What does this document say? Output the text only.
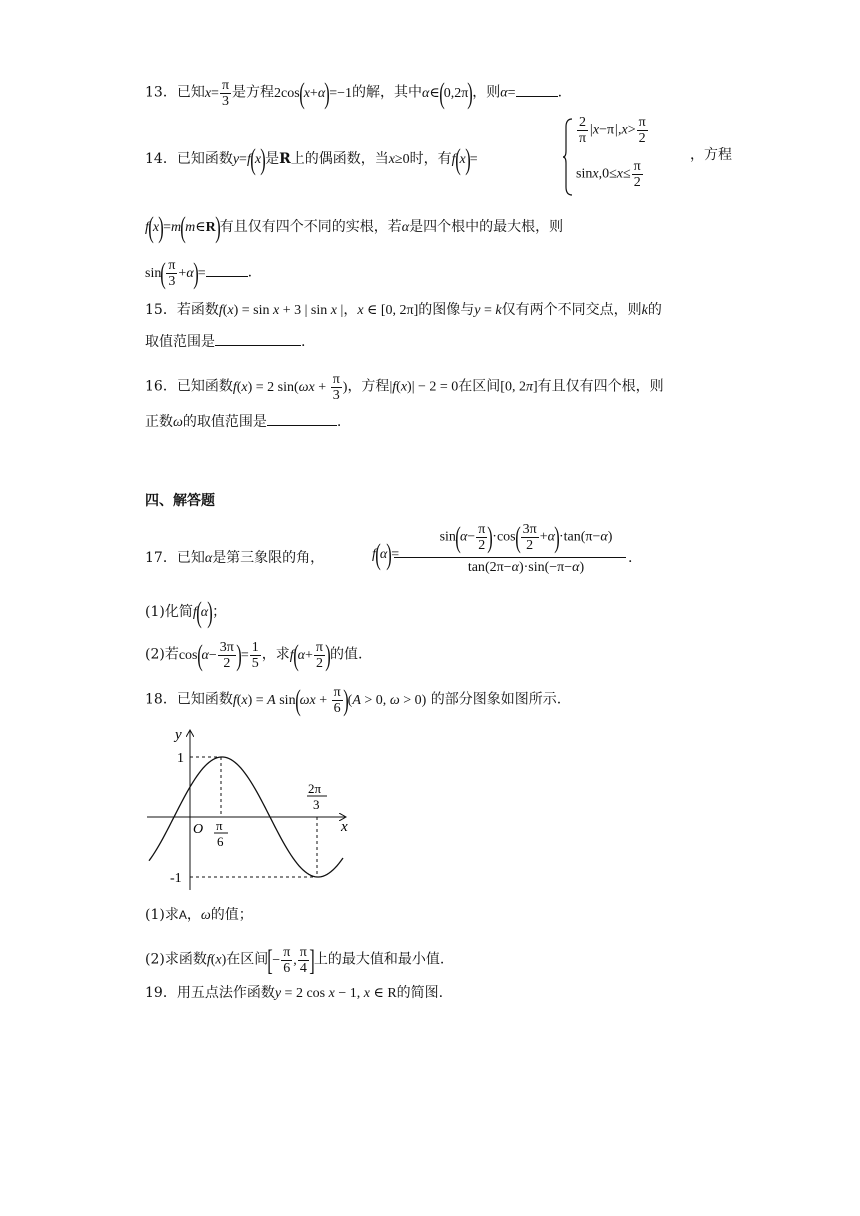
13．已知$x= \frac{\pi}{3}$ 是方程2cos(x+α)=−1的解，其中α∈(0,2π)，则α=	.
14．已知函数y=f(x)是R上的偶函数，当x≥0时，有f(x)=
$\frac{2}{\pi} |x-\pi|,x> \frac{\pi}{2}$
$\sin x,0\le x\le \frac{\pi}{2}$
，方程
f(x)=m(m∈R)有且仅有四个不同的实根，若α是四个根中的最大根，则
$\sin( \frac{\pi}{3} +\alpha)=$	.
15．若函数f(x) = sin x + 3 | sin x |，x ∈ [0, 2π]的图像与y = k仅有两个不同交点，则k的
取值范围是	.
16．已知函数f(x) = 2 $\sin(\omega x + \frac{\pi}{3}$ )，方程|f(x)| − 2 = 0在区间[0, 2π]有且仅有四个根，则
正数ω的取值范围是	.
四、解答题
17．已知α是第三象限的角，	f(α)=
$\sin(\alpha- \frac{\pi}{2} )\cdot\cos( \frac{3\pi}{2} +\alpha)\cdot\tan(\pi-\alpha)$
tan(2π−α)·sin(−π−α)
.
(1)化简f(α)；
(2)若$\cos(\alpha- \frac{3\pi}{2}$ )= $\frac{1}{5}$ ，求$f(\alpha+ \frac{\pi}{2}$ )的值.
18．已知函数f(x) = A $\sin(\omega x + \frac{\pi}{6} )(A > 0$, ω > 0) 的部分图象如图所示.
y
x
O
1
-1
π
6
2π
3
(1)求A，ω的值；
(2)求函数f(x)在区间[− $\frac{\pi}{6}$ , $\frac{\pi}{4}$ ]上的最大值和最小值.
19．用五点法作函数y = 2 cos x − 1, x ∈ R的简图.
